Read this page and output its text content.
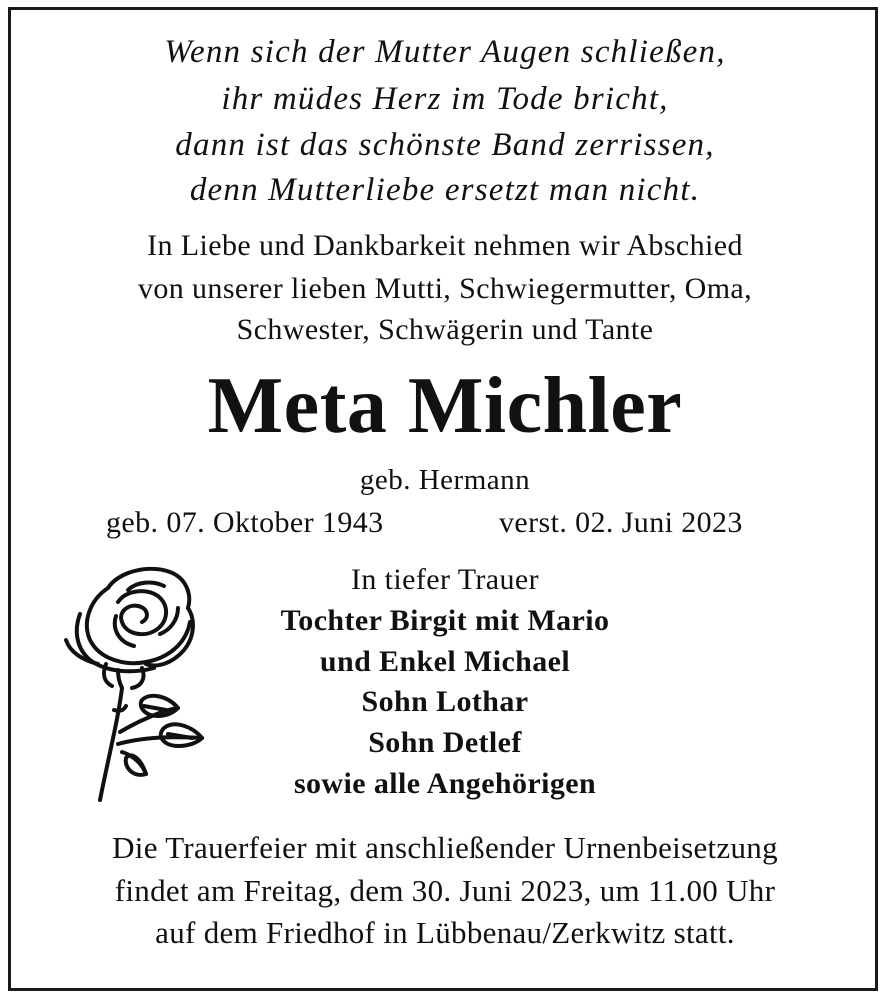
Wenn sich der Mutter Augen schließen,
ihr müdes Herz im Tode bricht,
dann ist das schönste Band zerrissen,
denn Mutterliebe ersetzt man nicht.
In Liebe und Dankbarkeit nehmen wir Abschied
von unserer lieben Mutti, Schwiegermutter, Oma,
Schwester, Schwägerin und Tante
Meta Michler
geb. Hermann
geb. 07. Oktober 1943	verst. 02. Juni 2023
In tiefer Trauer
Tochter Birgit mit Mario
und Enkel Michael
Sohn Lothar
Sohn Detlef
sowie alle Angehörigen
Die Trauerfeier mit anschließender Urnenbeisetzung
findet am Freitag, dem 30. Juni 2023, um 11.00 Uhr
auf dem Friedhof in Lübbenau/Zerkwitz statt.
